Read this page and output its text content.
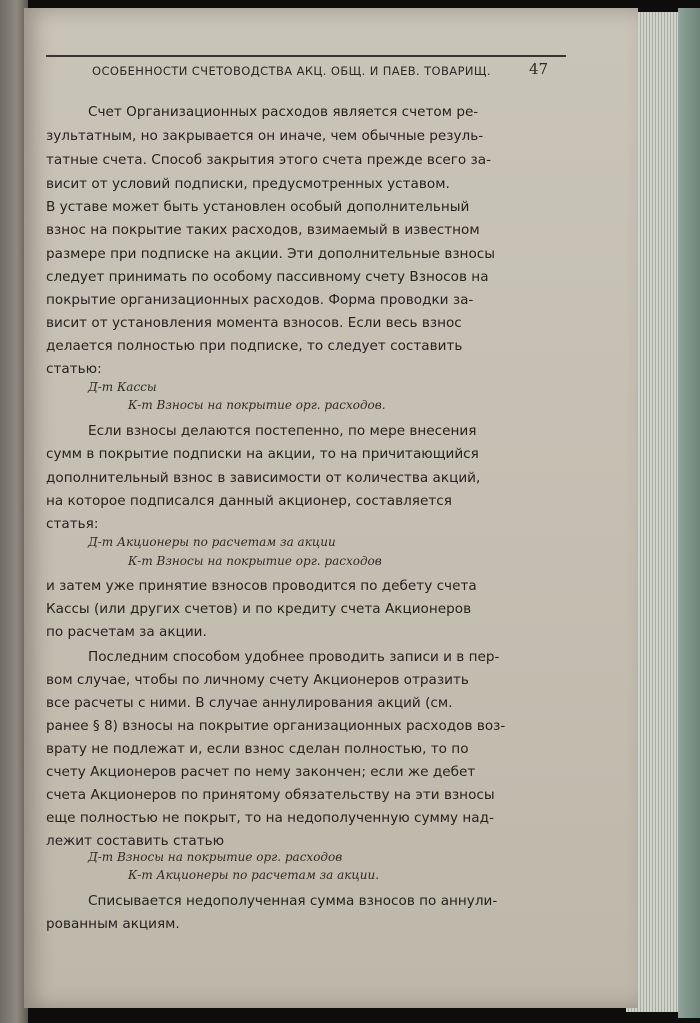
ОСОБЕННОСТИ СЧЕТОВОДСТВА АКЦ. ОБЩ. И ПАЕВ. ТОВАРИЩ.	47
Счет Организационных расходов является счетом ре-
зультатным, но закрывается он иначе, чем обычные резуль-
татные счета. Способ закрытия этого счета прежде всего за-
висит от условий подписки, предусмотренных уставом.
В уставе может быть установлен особый дополнительный
взнос на покрытие таких расходов, взимаемый в известном
размере при подписке на акции. Эти дополнительные взносы
следует принимать по особому пассивному счету Взносов на
покрытие организационных расходов. Форма проводки за-
висит от установления момента взносов. Если весь взнос
делается полностью при подписке, то следует составить
статью:
Д-т Кассы
К-т Взносы на покрытие орг. расходов.
Если взносы делаются постепенно, по мере внесения
сумм в покрытие подписки на акции, то на причитающийся
дополнительный взнос в зависимости от количества акций,
на которое подписался данный акционер, составляется
статья:
Д-т Акционеры по расчетам за акции
К-т Взносы на покрытие орг. расходов
и затем уже принятие взносов проводится по дебету счета
Кассы (или других счетов) и по кредиту счета Акционеров
по расчетам за акции.
Последним способом удобнее проводить записи и в пер-
вом случае, чтобы по личному счету Акционеров отразить
все расчеты с ними. В случае аннулирования акций (см.
ранее § 8) взносы на покрытие организационных расходов воз-
врату не подлежат и, если взнос сделан полностью, то по
счету Акционеров расчет по нему закончен; если же дебет
счета Акционеров по принятому обязательству на эти взносы
еще полностью не покрыт, то на недополученную сумму над-
лежит составить статью
Д-т Взносы на покрытие орг. расходов
К-т Акционеры по расчетам за акции.
Списывается недополученная сумма взносов по аннули-
рованным акциям.
